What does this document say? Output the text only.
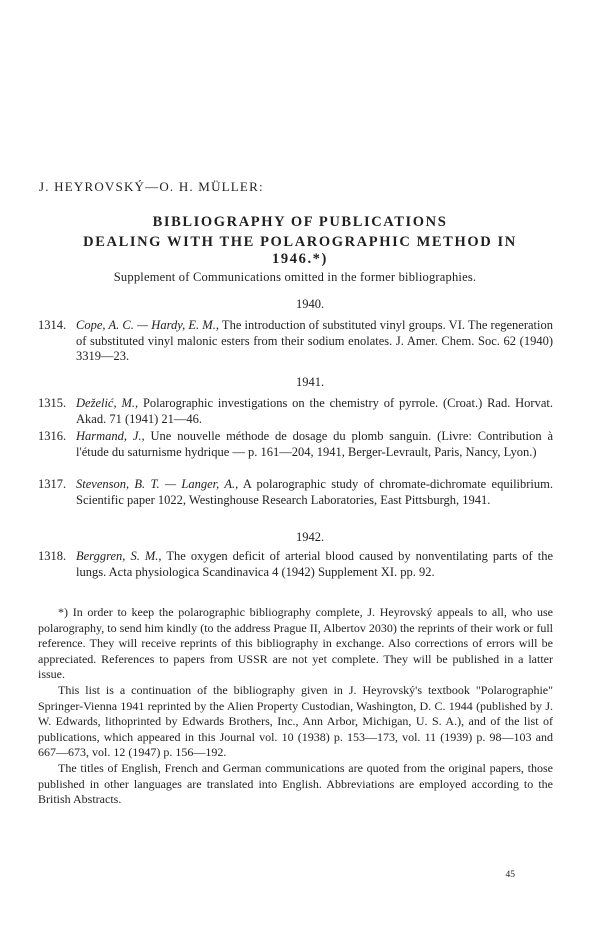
J. HEYROVSKÝ—O. H. MÜLLER:
BIBLIOGRAPHY OF PUBLICATIONS
DEALING WITH THE POLAROGRAPHIC METHOD IN 1946.*)
Supplement of Communications omitted in the former bibliographies.
1940.
1314. Cope, A. C. — Hardy, E. M., The introduction of substituted vinyl groups. VI. The regeneration of substituted vinyl malonic esters from their sodium enolates. J. Amer. Chem. Soc. 62 (1940) 3319—23.
1941.
1315. Deželić, M., Polarographic investigations on the chemistry of pyrrole. (Croat.) Rad. Horvat. Akad. 71 (1941) 21—46.
1316. Harmand, J., Une nouvelle méthode de dosage du plomb sanguin. (Livre: Contribution à l'étude du saturnisme hydrique — p. 161—204, 1941, Berger-Levrault, Paris, Nancy, Lyon.)
1317. Stevenson, B. T. — Langer, A., A polarographic study of chromate-dichromate equilibrium. Scientific paper 1022, Westinghouse Research Laboratories, East Pittsburgh, 1941.
1942.
1318. Berggren, S. M., The oxygen deficit of arterial blood caused by nonventilating parts of the lungs. Acta physiologica Scandinavica 4 (1942) Supplement XI. pp. 92.

*) In order to keep the polarographic bibliography complete, J. Heyrovský appeals to all, who use polarography, to send him kindly (to the address Prague II, Albertov 2030) the reprints of their work or full reference. They will receive reprints of this bibliography in exchange. Also corrections of errors will be appreciated. References to papers from USSR are not yet complete. They will be published in a latter issue.

This list is a continuation of the bibliography given in J. Heyrovský's textbook "Polarographie" Springer-Vienna 1941 reprinted by the Alien Property Custodian, Washington, D. C. 1944 (published by J. W. Edwards, lithoprinted by Edwards Brothers, Inc., Ann Arbor, Michigan, U. S. A.), and of the list of publications, which appeared in this Journal vol. 10 (1938) p. 153—173, vol. 11 (1939) p. 98—103 and 667—673, vol. 12 (1947) p. 156—192.

The titles of English, French and German communications are quoted from the original papers, those published in other languages are translated into English. Abbreviations are employed according to the British Abstracts.

45
